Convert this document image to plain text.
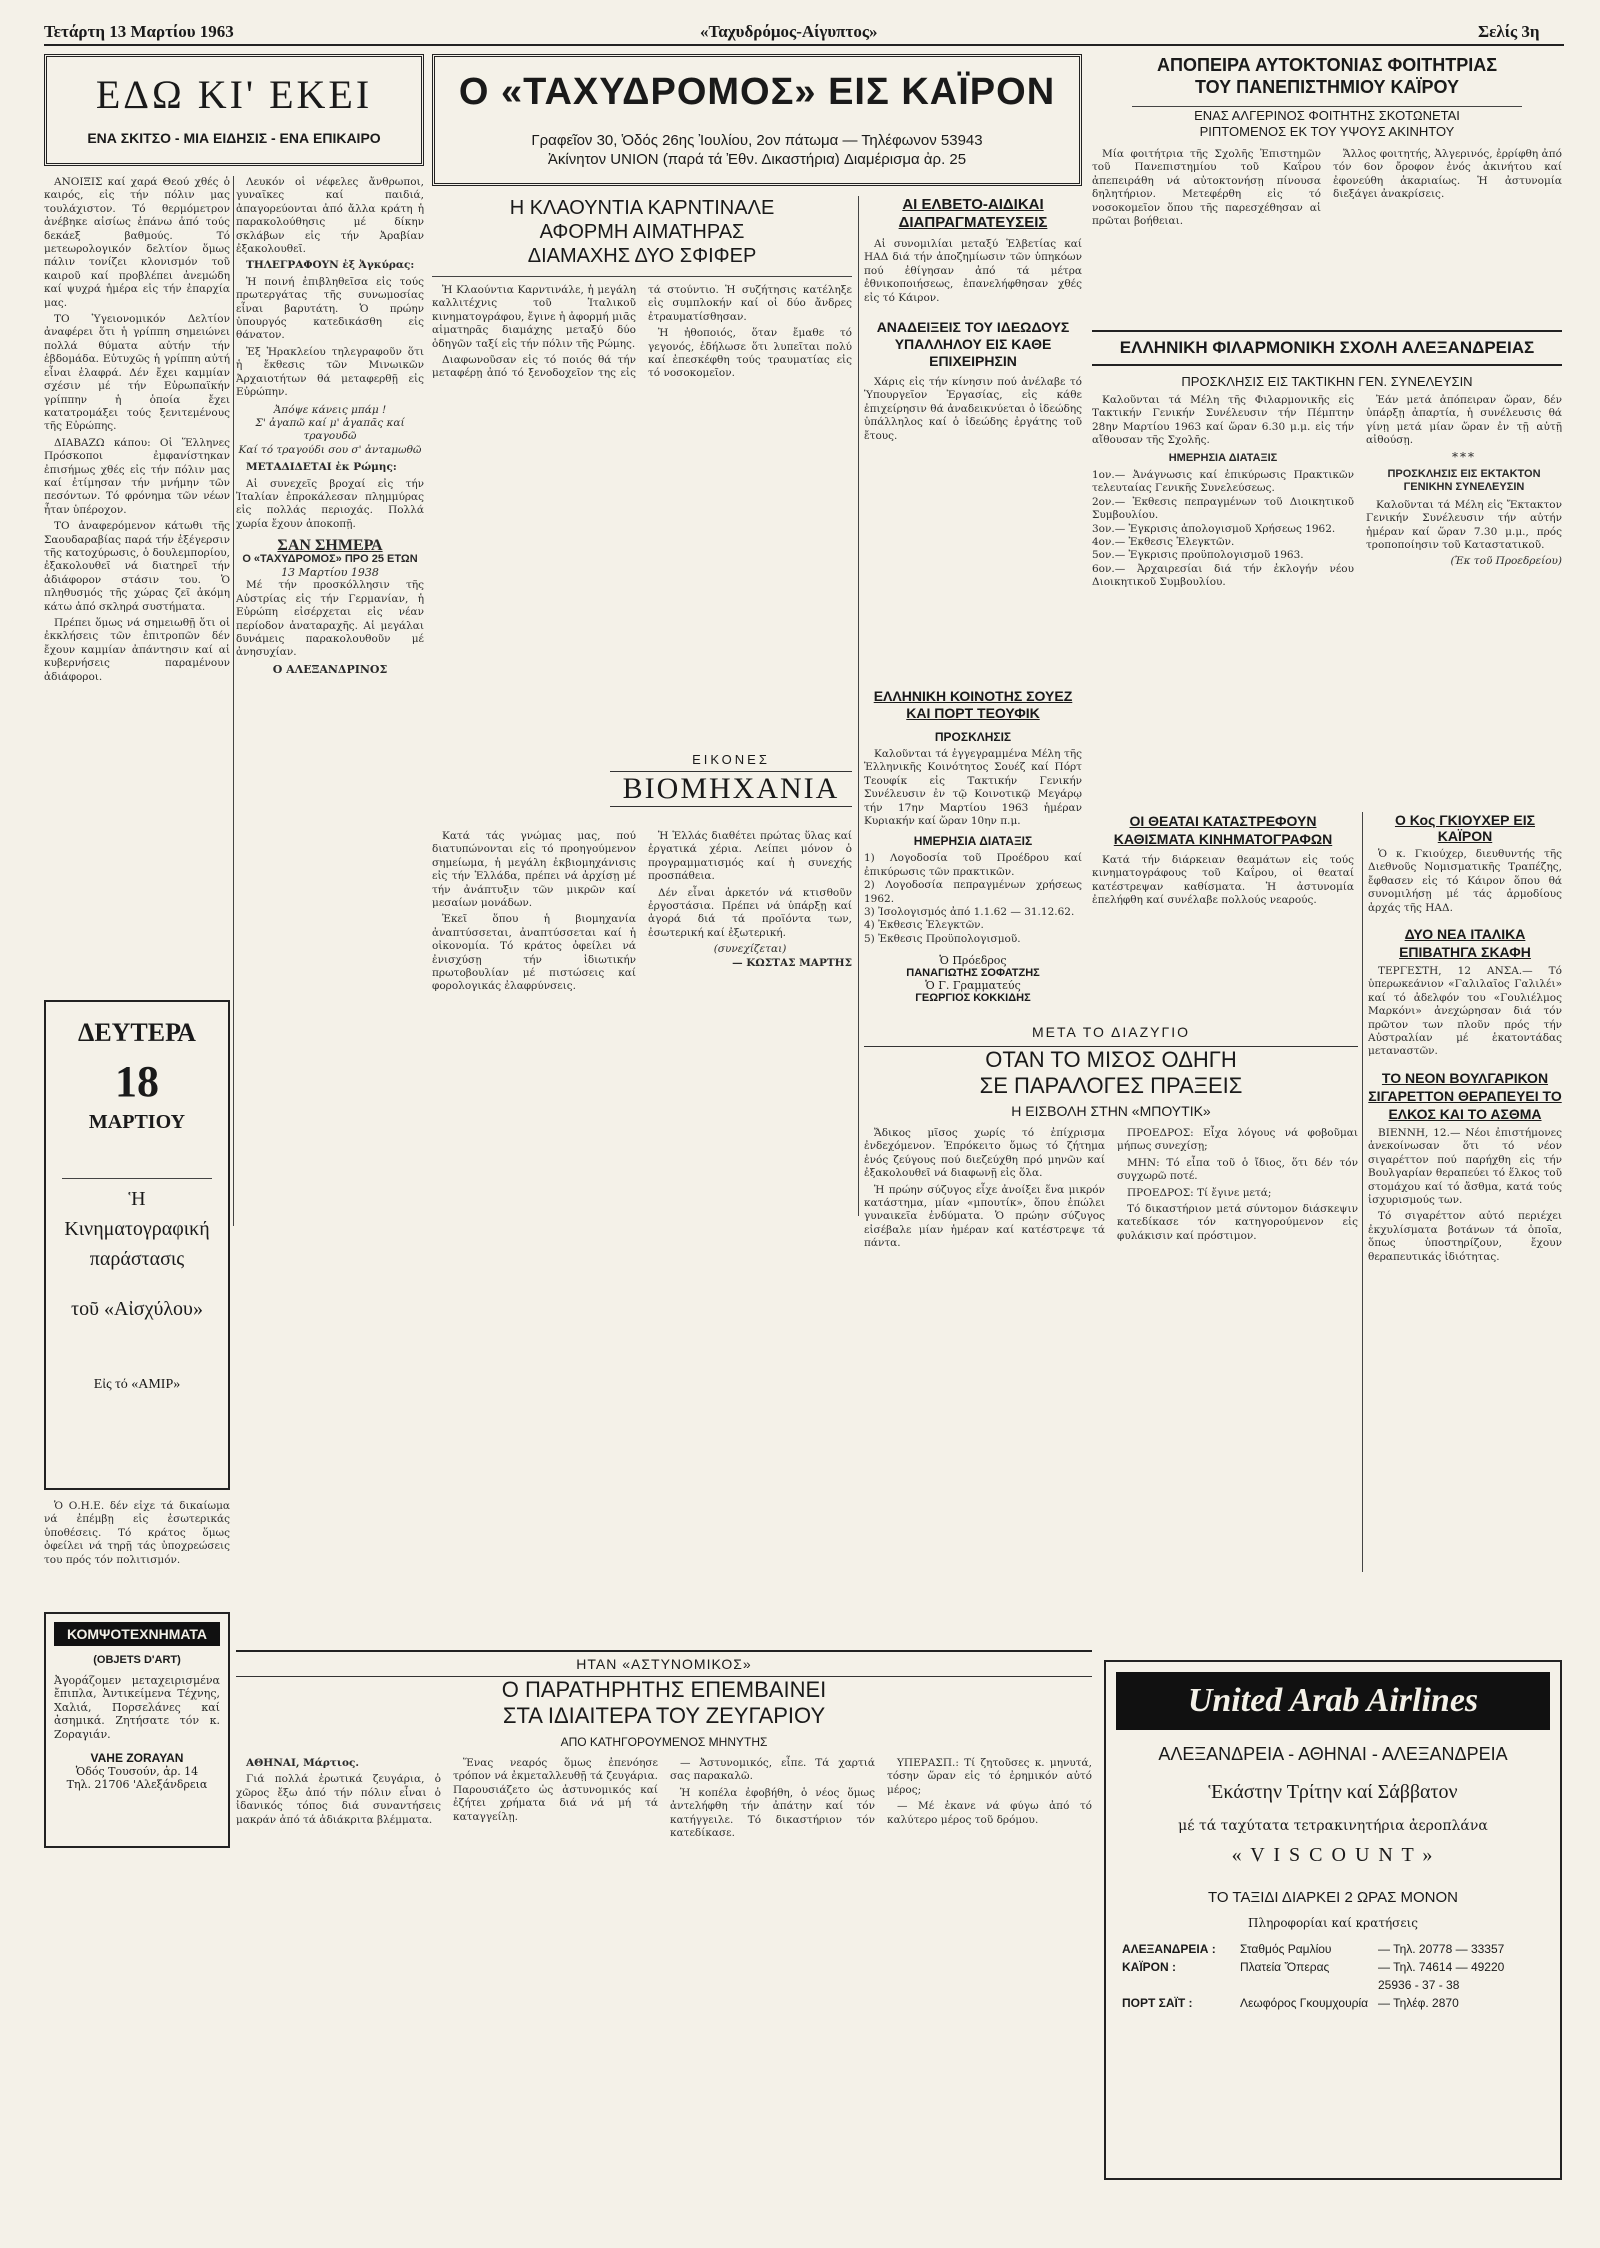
Τετάρτη 13 Μαρτίου 1963	«Ταχυδρόμος-Αίγυπτος»	Σελίς 3η
ΕΔΩ ΚΙ' ΕΚΕΙ
ΕΝΑ ΣΚΙΤΣΟ - ΜΙΑ ΕΙΔΗΣΙΣ - ΕΝΑ ΕΠΙΚΑΙΡΟ

ΑΝΟΙΞΙΣ καί χαρά Θεού χθές ὁ καιρός, εἰς τήν πόλιν μας τουλάχιστον. Τό θερμόμετρον ἀνέβηκε αἰσίως ἐπάνω ἀπό τούς δεκάεξ βαθμούς. Τό μετεωρολογικόν δελτίον ὅμως πάλιν τονίζει κλονισμόν τοῦ καιροῦ καί προβλέπει ἀνεμώδη καί ψυχρά ἡμέρα εἰς τήν ἐπαρχία μας.

ΤΟ Ὑγειονομικόν Δελτίον ἀναφέρει ὅτι ἡ γρίππη σημειώνει πολλά θύματα αὐτήν τήν ἑβδομάδα. Εὐτυχῶς ἡ γρίππη αὐτή εἶναι ἐλαφρά. Δέν ἔχει καμμίαν σχέσιν μέ τήν Εὐρωπαϊκήν γρίππην ἡ ὁποία ἔχει κατατρομάξει τούς ξενιτεμένους τῆς Εὐρώπης.

ΔΙΑΒΑΖΩ κάπου: Οἱ Ἕλληνες Πρόσκοποι ἐμφανίστηκαν ἐπισήμως χθές εἰς τήν πόλιν μας καί ἐτίμησαν τήν μνήμην τῶν πεσόντων. Τό φρόνημα τῶν νέων ἦταν ὑπέροχον.

ΤΟ ἀναφερόμενον κάτωθι τῆς Σαουδαραβίας παρά τήν ἐξέγερσιν τῆς κατοχύρωσις, ὁ δουλεμπορίου, ἐξακολουθεῖ νά διατηρεῖ τήν ἀδιάφορον στάσιν του. Ὁ πληθυσμός τῆς χώρας ζεῖ ἀκόμη κάτω ἀπό σκληρά συστήματα.

Πρέπει ὅμως νά σημειωθῇ ὅτι οἱ ἐκκλήσεις τῶν ἐπιτροπῶν δέν ἔχουν καμμίαν ἀπάντησιν καί αἱ κυβερνήσεις παραμένουν ἀδιάφοροι.

Λευκόν οἱ νέφελες ἄνθρωποι, γυναῖκες καί παιδιά, ἀπαγορεύονται ἀπό ἄλλα κράτη ἡ παρακολούθησις μέ δίκην σκλάβων εἰς τήν Ἀραβίαν ἐξακολουθεῖ.

ΤΗΛΕΓΡΑΦΟΥΝ ἐξ Ἀγκύρας:

Ἡ ποινή ἐπιβληθεῖσα εἰς τούς πρωτεργάτας τῆς συνωμοσίας εἶναι βαρυτάτη. Ὁ πρώην ὑπουργός κατεδικάσθη εἰς θάνατον.

Ἐξ Ἡρακλείου τηλεγραφοῦν ὅτι ἡ ἔκθεσις τῶν Μινωικῶν Ἀρχαιοτήτων θά μεταφερθῇ εἰς Εὐρώπην.

Ἀπόψε κάνεις μπάμ !
Σ' ἀγαπῶ καί μ' ἀγαπᾶς καί τραγουδῶ
Καί τό τραγούδι σου σ' ἀνταμωθῶ

ΜΕΤΑΔΙΔΕΤΑΙ ἐκ Ρώμης:

Αἱ συνεχεῖς βροχαί εἰς τήν Ἰταλίαν ἐπροκάλεσαν πλημμύρας εἰς πολλάς περιοχάς. Πολλά χωρία ἔχουν ἀποκοπῇ.

ΣΑΝ ΣΗΜΕΡΑ
Ο «ΤΑΧΥΔΡΟΜΟΣ» ΠΡΟ 25 ΕΤΩΝ
13 Μαρτίου 1938

Μέ τήν προσκόλλησιν τῆς Αὐστρίας εἰς τήν Γερμανίαν, ἡ Εὐρώπη εἰσέρχεται εἰς νέαν περίοδον ἀναταραχῆς. Αἱ μεγάλαι δυνάμεις παρακολουθοῦν μέ ἀνησυχίαν.

Ο ΑΛΕΞΑΝΔΡΙΝΟΣ
ΔΕΥΤΕΡΑ
18
ΜΑΡΤΙΟΥ
Ἡ Κινηματογραφική παράστασις
τοῦ «Αἰσχύλου»
Εἰς τό «ΑΜΙΡ»

Ὁ Ο.Η.Ε. δέν εἶχε τά δικαίωμα νά ἐπέμβῃ εἰς ἐσωτερικάς ὑποθέσεις. Τό κράτος ὅμως ὀφείλει νά τηρῇ τάς ὑποχρεώσεις του πρός τόν πολιτισμόν.

ΚΟΜΨΟΤΕΧΝΗΜΑΤΑ
(OBJETS D'ART)
Ἀγοράζομεν μεταχειρισμένα ἔπιπλα, Ἀντικείμενα Τέχνης, Χαλιά, Πορσελάνες καί ἀσημικά. Ζητήσατε τόν κ. Ζοραγιάν.
VAHE ZORAYAN
Ὁδός Τουσούν, ἀρ. 14
Τηλ. 21706 'Αλεξάνδρεια
Ο «ΤΑΧΥΔΡΟΜΟΣ» ΕΙΣ ΚΑΪΡΟΝ
Γραφεῖον 30, Ὁδός 26ης Ἰουλίου, 2ον πάτωμα — Τηλέφωνον 53943
Ἀκίνητον UNION (παρά τά Ἐθν. Δικαστήρια) Διαμέρισμα ἀρ. 25
Η ΚΛΑΟΥΝΤΙΑ ΚΑΡΝΤΙΝΑΛΕ
ΑΦΟΡΜΗ ΑΙΜΑΤΗΡΑΣ
ΔΙΑΜΑΧΗΣ ΔΥΟ ΣΦΙΦΕΡ

Ἡ Κλαούντια Καρντινάλε, ἡ μεγάλη καλλιτέχνις τοῦ Ἰταλικοῦ κινηματογράφου, ἔγινε ἡ ἀφορμή μιᾶς αἱματηρᾶς διαμάχης μεταξύ δύο ὁδηγῶν ταξί εἰς τήν πόλιν τῆς Ρώμης.

Διαφωνοῦσαν εἰς τό ποιός θά τήν μεταφέρῃ ἀπό τό ξενοδοχεῖον της εἰς τά στούντιο. Ἡ συζήτησις κατέληξε εἰς συμπλοκήν καί οἱ δύο ἄνδρες ἐτραυματίσθησαν.

Ἡ ἠθοποιός, ὅταν ἔμαθε τό γεγονός, ἐδήλωσε ὅτι λυπεῖται πολύ καί ἐπεσκέφθη τούς τραυματίας εἰς τό νοσοκομεῖον.

ΑΙ ΕΛΒΕΤΟ-ΑΙΔΙΚΑΙ ΔΙΑΠΡΑΓΜΑΤΕΥΣΕΙΣ

Αἱ συνομιλίαι μεταξύ Ἑλβετίας καί ΗΑΔ διά τήν ἀποζημίωσιν τῶν ὑπηκόων πού ἐθίγησαν ἀπό τά μέτρα ἐθνικοποιήσεως, ἐπανελήφθησαν χθές εἰς τό Κάιρον.

ΑΝΑΔΕΙΞΕΙΣ ΤΟΥ ΙΔΕΩΔΟΥΣ ΥΠΑΛΛΗΛΟΥ ΕΙΣ ΚΑΘΕ ΕΠΙΧΕΙΡΗΣΙΝ

Χάρις εἰς τήν κίνησιν πού ἀνέλαβε τό Ὑπουργεῖον Ἐργασίας, εἰς κάθε ἐπιχείρησιν θά ἀναδεικνύεται ὁ ἰδεώδης ὑπάλληλος καί ὁ ἰδεώδης ἐργάτης τοῦ ἔτους.

ΕΛΛΗΝΙΚΗ ΚΟΙΝΟΤΗΣ ΣΟΥΕΖ ΚΑΙ ΠΟΡΤ ΤΕΟΥΦΙΚ
ΠΡΟΣΚΛΗΣΙΣ

Καλοῦνται τά ἐγγεγραμμένα Μέλη τῆς Ἑλληνικῆς Κοινότητος Σουέζ καί Πόρτ Τεουφίκ εἰς Τακτικήν Γενικήν Συνέλευσιν ἐν τῷ Κοινοτικῷ Μεγάρῳ τήν 17ην Μαρτίου 1963 ἡμέραν Κυριακήν καί ὥραν 10ην π.μ.

ΗΜΕΡΗΣΙΑ ΔΙΑΤΑΞΙΣ
1) Λογοδοσία τοῦ Προέδρου καί ἐπικύρωσις τῶν πρακτικῶν.
2) Λογοδοσία πεπραγμένων χρήσεως 1962.
3) Ἰσολογισμός ἀπό 1.1.62 — 31.12.62.
4) Ἐκθεσις Ἐλεγκτῶν.
5) Ἐκθεσις Προϋπολογισμοῦ.
Ὁ Πρόεδρος
ΠΑΝΑΓΙΩΤΗΣ ΣΟΦΑΤΖΗΣ
Ὁ Γ. Γραμματεύς
ΓΕΩΡΓΙΟΣ ΚΟΚΚΙΔΗΣ
ΕΙΚΟΝΕΣ
ΒΙΟΜΗΧΑΝΙΑ

Κατά τάς γνώμας μας, πού διατυπώνονται εἰς τό προηγούμενον σημείωμα, ἡ μεγάλη ἐκβιομηχάνισις εἰς τήν Ἑλλάδα, πρέπει νά ἀρχίσῃ μέ τήν ἀνάπτυξιν τῶν μικρῶν καί μεσαίων μονάδων.

Ἐκεῖ ὅπου ἡ βιομηχανία ἀναπτύσσεται, ἀναπτύσσεται καί ἡ οἰκονομία. Τό κράτος ὀφείλει νά ἐνισχύσῃ τήν ἰδιωτικήν πρωτοβουλίαν μέ πιστώσεις καί φορολογικάς ἐλαφρύνσεις.

Ἡ Ἑλλάς διαθέτει πρώτας ὕλας καί ἐργατικά χέρια. Λείπει μόνον ὁ προγραμματισμός καί ἡ συνεχής προσπάθεια.

Δέν εἶναι ἀρκετόν νά κτισθοῦν ἐργοστάσια. Πρέπει νά ὑπάρξῃ καί ἀγορά διά τά προϊόντα των, ἐσωτερική καί ἐξωτερική.

(συνεχίζεται)
— ΚΩΣΤΑΣ ΜΑΡΤΗΣ
ΑΠΟΠΕΙΡΑ ΑΥΤΟΚΤΟΝΙΑΣ ΦΟΙΤΗΤΡΙΑΣ
ΤΟΥ ΠΑΝΕΠΙΣΤΗΜΙΟΥ ΚΑΪΡΟΥ
ΕΝΑΣ ΑΛΓΕΡΙΝΟΣ ΦΟΙΤΗΤΗΣ ΣΚΟΤΩΝΕΤΑΙ
ΡΙΠΤΟΜΕΝΟΣ ΕΚ ΤΟΥ ΥΨΟΥΣ ΑΚΙΝΗΤΟΥ

Μία φοιτήτρια τῆς Σχολῆς Ἐπιστημῶν τοῦ Πανεπιστημίου τοῦ Καΐρου ἀπεπειράθη νά αὐτοκτονήσῃ πίνουσα δηλητήριον. Μετεφέρθη εἰς τό νοσοκομεῖον ὅπου τῆς παρεσχέθησαν αἱ πρῶται βοήθειαι.

Ἄλλος φοιτητής, Ἀλγερινός, ἐρρίφθη ἀπό τόν 6ον ὄροφον ἑνός ἀκινήτου καί ἐφονεύθη ἀκαριαίως. Ἡ ἀστυνομία διεξάγει ἀνακρίσεις.

ΕΛΛΗΝΙΚΗ ΦΙΛΑΡΜΟΝΙΚΗ ΣΧΟΛΗ ΑΛΕΞΑΝΔΡΕΙΑΣ
ΠΡΟΣΚΛΗΣΙΣ ΕΙΣ ΤΑΚΤΙΚΗΝ ΓΕΝ. ΣΥΝΕΛΕΥΣΙΝ

Καλοῦνται τά Μέλη τῆς Φιλαρμονικῆς εἰς Τακτικήν Γενικήν Συνέλευσιν τήν Πέμπτην 28ην Μαρτίου 1963 καί ὥραν 6.30 μ.μ. εἰς τήν αἴθουσαν τῆς Σχολῆς.

ΗΜΕΡΗΣΙΑ ΔΙΑΤΑΞΙΣ
1ον.— Ἀνάγνωσις καί ἐπικύρωσις Πρακτικῶν τελευταίας Γενικῆς Συνελεύσεως.
2ον.— Ἐκθεσις πεπραγμένων τοῦ Διοικητικοῦ Συμβουλίου.
3ον.— Ἐγκρισις ἀπολογισμοῦ Χρήσεως 1962.
4ον.— Ἐκθεσις Ἐλεγκτῶν.
5ον.— Ἐγκρισις προϋπολογισμοῦ 1963.
6ον.— Ἀρχαιρεσίαι διά τήν ἐκλογήν νέου Διοικητικοῦ Συμβουλίου.

Ἐάν μετά ἀπόπειραν ὥραν, δέν ὑπάρξῃ ἀπαρτία, ἡ συνέλευσις θά γίνῃ μετά μίαν ὥραν ἐν τῇ αὐτῇ αἰθούσῃ.

***
ΠΡΟΣΚΛΗΣΙΣ ΕΙΣ ΕΚΤΑΚΤΟΝ ΓΕΝΙΚΗΝ ΣΥΝΕΛΕΥΣΙΝ

Καλοῦνται τά Μέλη εἰς Ἔκτακτον Γενικήν Συνέλευσιν τήν αὐτήν ἡμέραν καί ὥραν 7.30 μ.μ., πρός τροποποίησιν τοῦ Καταστατικοῦ.

(Ἐκ τοῦ Προεδρείου)
ΟΙ ΘΕΑΤΑΙ ΚΑΤΑΣΤΡΕΦΟΥΝ ΚΑΘΙΣΜΑΤΑ ΚΙΝΗΜΑΤΟΓΡΑΦΩΝ

Κατά τήν διάρκειαν θεαμάτων εἰς τούς κινηματογράφους τοῦ Καΐρου, οἱ θεαταί κατέστρεψαν καθίσματα. Ἡ ἀστυνομία ἐπελήφθη καί συνέλαβε πολλούς νεαρούς.

Ο Κος ΓΚΙΟΥΧΕΡ ΕΙΣ ΚΑΪΡΟΝ

Ὁ κ. Γκιούχερ, διευθυντής τῆς Διεθνοῦς Νομισματικῆς Τραπέζης, ἔφθασεν εἰς τό Κάιρον ὅπου θά συνομιλήσῃ μέ τάς ἁρμοδίους ἀρχάς τῆς ΗΑΔ.

ΔΥΟ ΝΕΑ ΙΤΑΛΙΚΑ ΕΠΙΒΑΤΗΓΑ ΣΚΑΦΗ

ΤΕΡΓΕΣΤΗ, 12 ΑΝΣΑ.— Τό ὑπερωκεάνιον «Γαλιλαῖος Γαλιλέι» καί τό ἀδελφόν του «Γουλιέλμος Μαρκόνι» ἀνεχώρησαν διά τόν πρῶτον των πλοῦν πρός τήν Αὐστραλίαν μέ ἑκατοντάδας μεταναστῶν.

ΤΟ ΝΕΟΝ ΒΟΥΛΓΑΡΙΚΟΝ ΣΙΓΑΡΕΤΤΟΝ ΘΕΡΑΠΕΥΕΙ ΤΟ ΕΛΚΟΣ ΚΑΙ ΤΟ ΑΣΘΜΑ

ΒΙΕΝΝΗ, 12.— Νέοι ἐπιστήμονες ἀνεκοίνωσαν ὅτι τό νέον σιγαρέττον πού παρήχθη εἰς τήν Βουλγαρίαν θεραπεύει τό ἕλκος τοῦ στομάχου καί τό ἄσθμα, κατά τούς ἰσχυρισμούς των.

Τό σιγαρέττον αὐτό περιέχει ἐκχυλίσματα βοτάνων τά ὁποῖα, ὅπως ὑποστηρίζουν, ἔχουν θεραπευτικάς ἰδιότητας.

ΜΕΤΑ ΤΟ ΔΙΑΖΥΓΙΟ
ΟΤΑΝ ΤΟ ΜΙΣΟΣ ΟΔΗΓΗ
ΣΕ ΠΑΡΑΛΟΓΕΣ ΠΡΑΞΕΙΣ
Η ΕΙΣΒΟΛΗ ΣΤΗΝ «ΜΠΟΥΤΙΚ»

Ἄδικος μῖσος χωρίς τό ἐπίχρισμα ἐνδεχόμενον. Ἐπρόκειτο ὅμως τό ζήτημα ἑνός ζεύγους πού διεζεύχθη πρό μηνῶν καί ἐξακολουθεῖ νά διαφωνῇ εἰς ὅλα.

Ἡ πρώην σύζυγος εἶχε ἀνοίξει ἕνα μικρόν κατάστημα, μίαν «μπουτίκ», ὅπου ἐπώλει γυναικεῖα ἐνδύματα. Ὁ πρώην σύζυγος εἰσέβαλε μίαν ἡμέραν καί κατέστρεψε τά πάντα.

ΠΡΟΕΔΡΟΣ: Εἶχα λόγους νά φοβοῦμαι μήπως συνεχίσῃ;

ΜΗΝ: Τό εἶπα τοῦ ὁ ἴδιος, ὅτι δέν τόν συγχωρῶ ποτέ.

ΠΡΟΕΔΡΟΣ: Τί ἔγινε μετά;

Τό δικαστήριον μετά σύντομον διάσκεψιν κατεδίκασε τόν κατηγορούμενον εἰς φυλάκισιν καί πρόστιμον.

ΗΤΑΝ «ΑΣΤΥΝΟΜΙΚΟΣ»
Ο ΠΑΡΑΤΗΡΗΤΗΣ ΕΠΕΜΒΑΙΝΕΙ
ΣΤΑ ΙΔΙΑΙΤΕΡΑ ΤΟΥ ΖΕΥΓΑΡΙΟΥ
ΑΠΟ ΚΑΤΗΓΟΡΟΥΜΕΝΟΣ ΜΗΝΥΤΗΣ

ΑΘΗΝΑΙ, Μάρτιος.

Γιά πολλά ἐρωτικά ζευγάρια, ὁ χῶρος ἔξω ἀπό τήν πόλιν εἶναι ὁ ἰδανικός τόπος διά συναντήσεις μακράν ἀπό τά ἀδιάκριτα βλέμματα.

Ἕνας νεαρός ὅμως ἐπενόησε τρόπον νά ἐκμεταλλευθῇ τά ζευγάρια. Παρουσιάζετο ὡς ἀστυνομικός καί ἐζήτει χρήματα διά νά μή τά καταγγείλῃ.

— Ἀστυνομικός, εἶπε. Τά χαρτιά σας παρακαλῶ.

Ἡ κοπέλα ἐφοβήθη, ὁ νέος ὅμως ἀντελήφθη τήν ἀπάτην καί τόν κατήγγειλε. Τό δικαστήριον τόν κατεδίκασε.

ΥΠΕΡΑΣΠ.: Τί ζητοῦσες κ. μηνυτά, τόσην ὥραν εἰς τό ἐρημικόν αὐτό μέρος;

— Μέ ἐκανε νά φύγω ἀπό τό καλύτερο μέρος τοῦ δρόμου.

United Arab Airlines
ΑΛΕΞΑΝΔΡΕΙΑ - ΑΘΗΝΑΙ - ΑΛΕΞΑΝΔΡΕΙΑ
Ἑκάστην Τρίτην καί Σάββατον
μέ τά ταχύτατα τετρακινητήρια ἀεροπλάνα
« V I S C O U N T »
ΤΟ ΤΑΞΙΔΙ ΔΙΑΡΚΕΙ 2 ΩΡΑΣ ΜΟΝΟΝ
Πληροφορίαι καί κρατήσεις
ΑΛΕΞΑΝΔΡΕΙΑ :	Σταθμός Ραμλίου	— Τηλ. 20778 — 33357
ΚΑΪΡΟΝ :	Πλατεία Ὄπερας	— Τηλ. 74614 — 49220
25936 - 37 - 38
ΠΟΡΤ ΣΑΪΤ :	Λεωφόρος Γκουμχουρία — Τηλέφ. 2870
